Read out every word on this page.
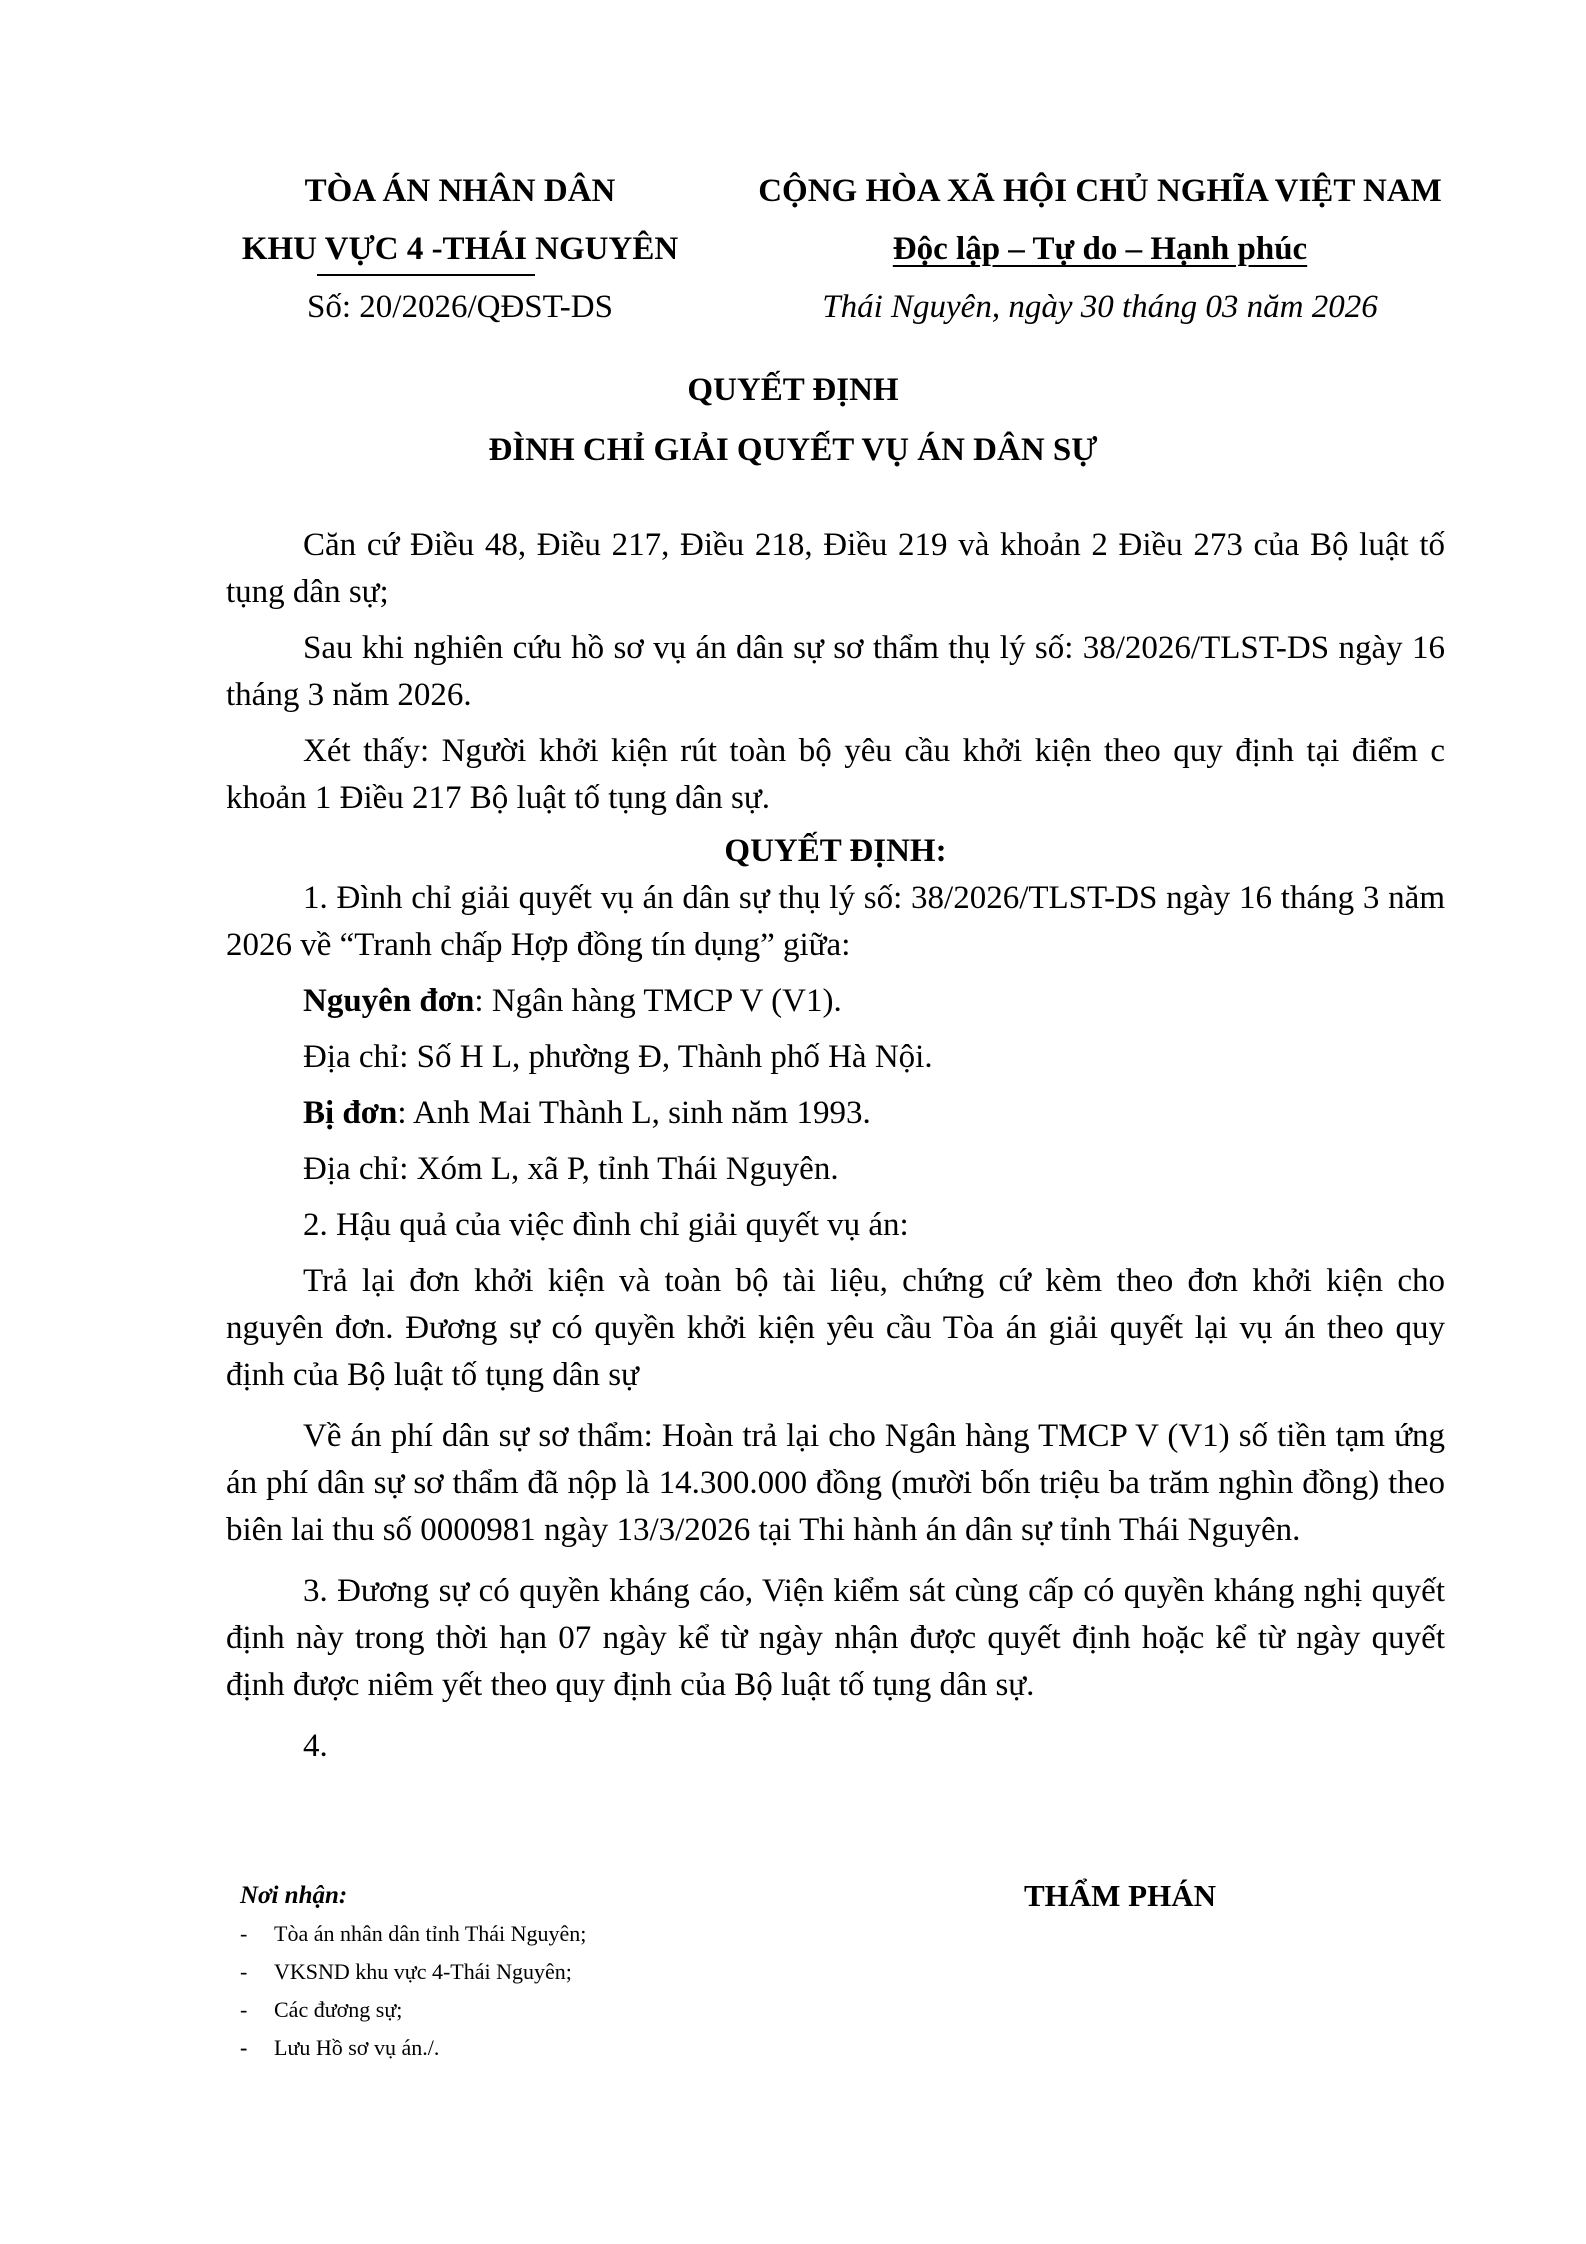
TÒA ÁN NHÂN DÂN
KHU VỰC 4 -THÁI NGUYÊN
Số: 20/2026/QĐST-DS
CỘNG HÒA XÃ HỘI CHỦ NGHĨA VIỆT NAM
Độc lập – Tự do – Hạnh phúc
Thái Nguyên, ngày 30 tháng 03 năm 2026
QUYẾT ĐỊNH
ĐÌNH CHỈ GIẢI QUYẾT VỤ ÁN DÂN SỰ

Căn cứ Điều 48, Điều 217, Điều 218, Điều 219 và khoản 2 Điều 273 của Bộ luật tố tụng dân sự;

Sau khi nghiên cứu hồ sơ vụ án dân sự sơ thẩm thụ lý số: 38/2026/TLST-DS ngày 16 tháng 3 năm 2026.

Xét thấy: Người khởi kiện rút toàn bộ yêu cầu khởi kiện theo quy định tại điểm c khoản 1 Điều 217 Bộ luật tố tụng dân sự.

QUYẾT ĐỊNH:

1. Đình chỉ giải quyết vụ án dân sự thụ lý số: 38/2026/TLST-DS ngày 16 tháng 3 năm 2026 về “Tranh chấp Hợp đồng tín dụng” giữa:

Nguyên đơn: Ngân hàng TMCP V (V1).

Địa chỉ: Số H L, phường Đ, Thành phố Hà Nội.

Bị đơn: Anh Mai Thành L, sinh năm 1993.

Địa chỉ: Xóm L, xã P, tỉnh Thái Nguyên.

2. Hậu quả của việc đình chỉ giải quyết vụ án:

Trả lại đơn khởi kiện và toàn bộ tài liệu, chứng cứ kèm theo đơn khởi kiện cho nguyên đơn. Đương sự có quyền khởi kiện yêu cầu Tòa án giải quyết lại vụ án theo quy định của Bộ luật tố tụng dân sự

Về án phí dân sự sơ thẩm: Hoàn trả lại cho Ngân hàng TMCP V (V1) số tiền tạm ứng án phí dân sự sơ thẩm đã nộp là 14.300.000 đồng (mười bốn triệu ba trăm nghìn đồng) theo biên lai thu số 0000981 ngày 13/3/2026 tại Thi hành án dân sự tỉnh Thái Nguyên.

3. Đương sự có quyền kháng cáo, Viện kiểm sát cùng cấp có quyền kháng nghị quyết định này trong thời hạn 07 ngày kể từ ngày nhận được quyết định hoặc kể từ ngày quyết định được niêm yết theo quy định của Bộ luật tố tụng dân sự.

4.

Nơi nhận:
-	Tòa án nhân dân tỉnh Thái Nguyên;
-	VKSND khu vực 4-Thái Nguyên;
-	Các đương sự;
-	Lưu Hồ sơ vụ án./.
THẨM PHÁN
